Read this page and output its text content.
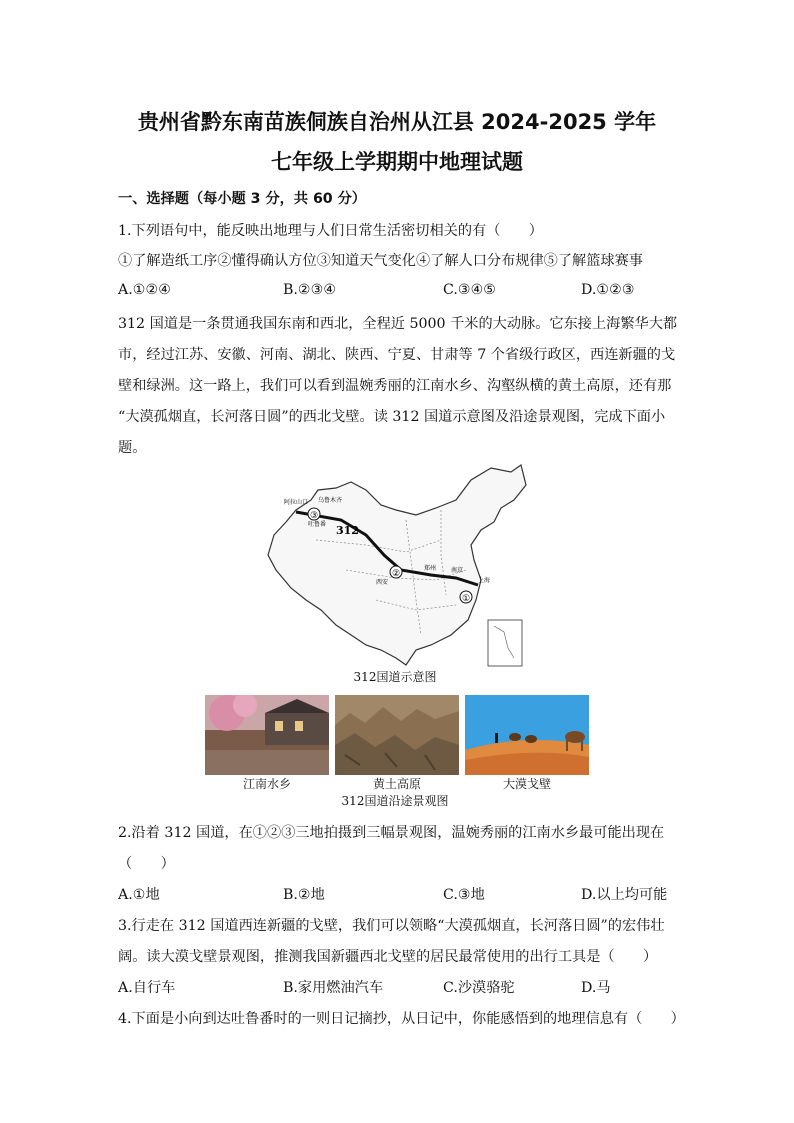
贵州省黔东南苗族侗族自治州从江县 2024-2025 学年
七年级上学期期中地理试题
一、选择题（每小题 3 分，共 60 分）
1.下列语句中，能反映出地理与人们日常生活密切相关的有（　　）
①了解造纸工序②懂得确认方位③知道天气变化④了解人口分布规律⑤了解篮球赛事
A.①②④	B.②③④	C.③④⑤	D.①②③
312 国道是一条贯通我国东南和西北，全程近 5000 千米的大动脉。它东接上海繁华大都
市，经过江苏、安徽、河南、湖北、陕西、宁夏、甘肃等 7 个省级行政区，西连新疆的戈
壁和绿洲。这一路上，我们可以看到温婉秀丽的江南水乡、沟壑纵横的黄土高原，还有那
“大漠孤烟直，长河落日圆”的西北戈壁。读 312 国道示意图及沿途景观图，完成下面小
题。
③
②
①
312
阿拉山口 乌鲁木齐
吐鲁番
西安
郑州 南京
上海
312国道示意图
江南水乡	黄土高原	大漠戈壁
312国道沿途景观图
2.沿着 312 国道，在①②③三地拍摄到三幅景观图，温婉秀丽的江南水乡最可能出现在
（　　）
A.①地	B.②地	C.③地	D.以上均可能
3.行走在 312 国道西连新疆的戈壁，我们可以领略“大漠孤烟直，长河落日圆”的宏伟壮
阔。读大漠戈壁景观图，推测我国新疆西北戈壁的居民最常使用的出行工具是（　　）
A.自行车	B.家用燃油汽车	C.沙漠骆驼	D.马
4.下面是小向到达吐鲁番时的一则日记摘抄，从日记中，你能感悟到的地理信息有（　　）
